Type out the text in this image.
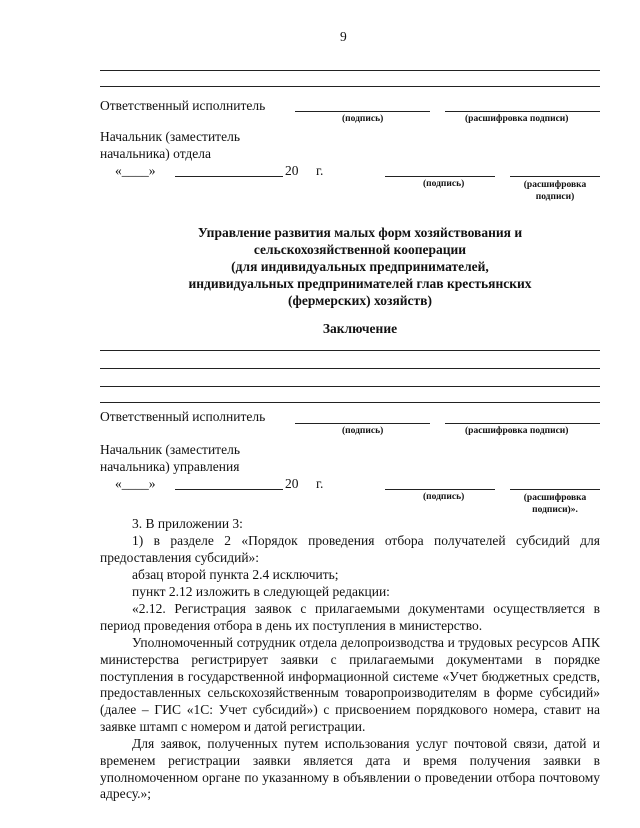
9
Ответственный исполнитель
(подпись)	(расшифровка подписи)
Начальник (заместитель
начальника) отдела
«____»	20 г.
(подпись)	(расшифровка
подписи)
Управление развития малых форм хозяйствования и
сельскохозяйственной кооперации
(для индивидуальных предпринимателей,
индивидуальных предпринимателей глав крестьянских
(фермерских) хозяйств)
Заключение
Ответственный исполнитель
(подпись)	(расшифровка подписи)
Начальник (заместитель
начальника) управления
«____»	20 г.
(подпись)	(расшифровка
подписи)».
3. В приложении 3:
1) в разделе 2 «Порядок проведения отбора получателей субсидий для предоставления субсидий»:
абзац второй пункта 2.4 исключить;
пункт 2.12 изложить в следующей редакции:
«2.12. Регистрация заявок с прилагаемыми документами осуществляется в период проведения отбора в день их поступления в министерство.
Уполномоченный сотрудник отдела делопроизводства и трудовых ресурсов АПК министерства регистрирует заявки с прилагаемыми документами в порядке поступления в государственной информационной системе «Учет бюджетных средств, предоставленных сельскохозяйственным товаропроизводителям в форме субсидий» (далее – ГИС «1С: Учет субсидий») с присвоением порядкового номера, ставит на заявке штамп с номером и датой регистрации.
Для заявок, полученных путем использования услуг почтовой связи, датой и временем регистрации заявки является дата и время получения заявки в уполномоченном органе по указанному в объявлении о проведении отбора почтовому адресу.»;
